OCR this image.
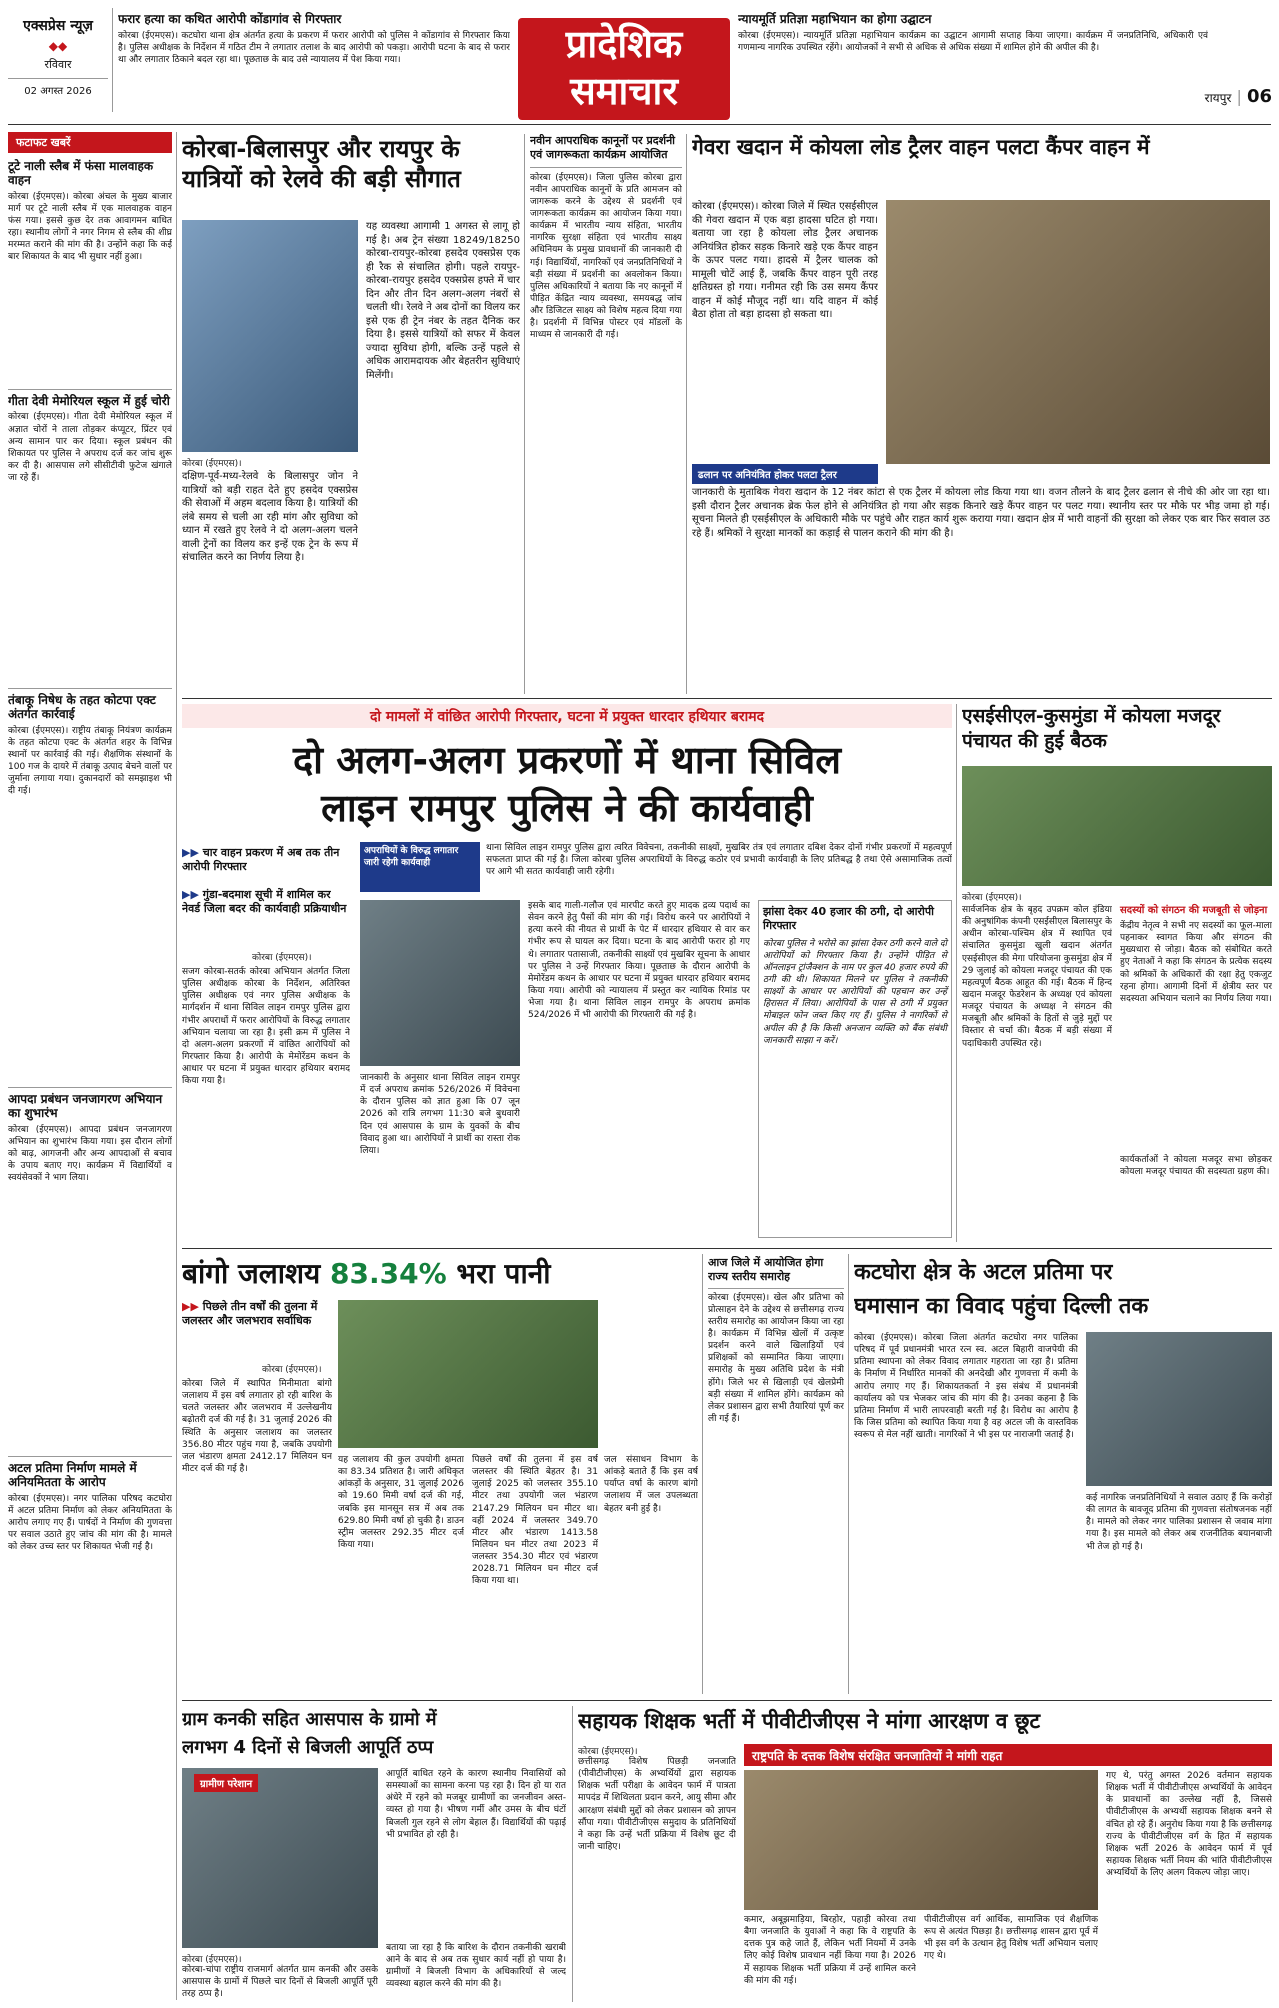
एक्सप्रेस न्यूज़
◆◆
रविवार
02 अगस्त 2026
फरार हत्या का कथित आरोपी कोंडागांव से गिरफ्तार
कोरबा (ईएमएस)। कटघोरा थाना क्षेत्र अंतर्गत हत्या के प्रकरण में फरार आरोपी को पुलिस ने कोंडागांव से गिरफ्तार किया है। पुलिस अधीक्षक के निर्देशन में गठित टीम ने लगातार तलाश के बाद आरोपी को पकड़ा। आरोपी घटना के बाद से फरार था और लगातार ठिकाने बदल रहा था। पूछताछ के बाद उसे न्यायालय में पेश किया गया।	प्रादेशिक
समाचार
न्यायमूर्ति प्रतिज्ञा महाभियान का होगा उद्घाटन
कोरबा (ईएमएस)। न्यायमूर्ति प्रतिज्ञा महाभियान कार्यक्रम का उद्घाटन आगामी सप्ताह किया जाएगा। कार्यक्रम में जनप्रतिनिधि, अधिकारी एवं गणमान्य नागरिक उपस्थित रहेंगे। आयोजकों ने सभी से अधिक से अधिक संख्या में शामिल होने की अपील की है।
रायपुर | 06
फटाफट खबरें
टूटे नाली स्लैब में फंसा मालवाहक वाहन
कोरबा (ईएमएस)। कोरबा अंचल के मुख्य बाजार मार्ग पर टूटे नाली स्लैब में एक मालवाहक वाहन फंस गया। इससे कुछ देर तक आवागमन बाधित रहा। स्थानीय लोगों ने नगर निगम से स्लैब की शीघ्र मरम्मत कराने की मांग की है। उन्होंने कहा कि कई बार शिकायत के बाद भी सुधार नहीं हुआ।
गीता देवी मेमोरियल स्कूल में हुई चोरी
कोरबा (ईएमएस)। गीता देवी मेमोरियल स्कूल में अज्ञात चोरों ने ताला तोड़कर कंप्यूटर, प्रिंटर एवं अन्य सामान पार कर दिया। स्कूल प्रबंधन की शिकायत पर पुलिस ने अपराध दर्ज कर जांच शुरू कर दी है। आसपास लगे सीसीटीवी फुटेज खंगाले जा रहे हैं।
तंबाकू निषेध के तहत कोटपा एक्ट अंतर्गत कार्रवाई
कोरबा (ईएमएस)। राष्ट्रीय तंबाकू नियंत्रण कार्यक्रम के तहत कोटपा एक्ट के अंतर्गत शहर के विभिन्न स्थानों पर कार्रवाई की गई। शैक्षणिक संस्थानों के 100 गज के दायरे में तंबाकू उत्पाद बेचने वालों पर जुर्माना लगाया गया। दुकानदारों को समझाइश भी दी गई।
आपदा प्रबंधन जनजागरण अभियान का शुभारंभ
कोरबा (ईएमएस)। आपदा प्रबंधन जनजागरण अभियान का शुभारंभ किया गया। इस दौरान लोगों को बाढ़, आगजनी और अन्य आपदाओं से बचाव के उपाय बताए गए। कार्यक्रम में विद्यार्थियों व स्वयंसेवकों ने भाग लिया।
अटल प्रतिमा निर्माण मामले में अनियमितता के आरोप
कोरबा (ईएमएस)। नगर पालिका परिषद कटघोरा में अटल प्रतिमा निर्माण को लेकर अनियमितता के आरोप लगाए गए हैं। पार्षदों ने निर्माण की गुणवत्ता पर सवाल उठाते हुए जांच की मांग की है। मामले को लेकर उच्च स्तर पर शिकायत भेजी गई है।
कोरबा-बिलासपुर और रायपुर के यात्रियों को रेलवे की बड़ी सौगात
कोरबा (ईएमएस)।
दक्षिण-पूर्व-मध्य-रेलवे के बिलासपुर जोन ने यात्रियों को बड़ी राहत देते हुए हसदेव एक्सप्रेस की सेवाओं में अहम बदलाव किया है। यात्रियों की लंबे समय से चली आ रही मांग और सुविधा को ध्यान में रखते हुए रेलवे ने दो अलग-अलग चलने वाली ट्रेनों का विलय कर इन्हें एक ट्रेन के रूप में संचालित करने का निर्णय लिया है।
यह व्यवस्था आगामी 1 अगस्त से लागू हो गई है। अब ट्रेन संख्या 18249/18250 कोरबा-रायपुर-कोरबा हसदेव एक्सप्रेस एक ही रैक से संचालित होगी। पहले रायपुर-कोरबा-रायपुर हसदेव एक्सप्रेस हफ्ते में चार दिन और तीन दिन अलग-अलग नंबरों से चलती थी। रेलवे ने अब दोनों का विलय कर इसे एक ही ट्रेन नंबर के तहत दैनिक कर दिया है। इससे यात्रियों को सफर में केवल ज्यादा सुविधा होगी, बल्कि उन्हें पहले से अधिक आरामदायक और बेहतरीन सुविधाएं मिलेंगी।
नवीन आपराधिक कानूनों पर प्रदर्शनी एवं जागरूकता कार्यक्रम आयोजित
कोरबा (ईएमएस)। जिला पुलिस कोरबा द्वारा नवीन आपराधिक कानूनों के प्रति आमजन को जागरूक करने के उद्देश्य से प्रदर्शनी एवं जागरूकता कार्यक्रम का आयोजन किया गया। कार्यक्रम में भारतीय न्याय संहिता, भारतीय नागरिक सुरक्षा संहिता एवं भारतीय साक्ष्य अधिनियम के प्रमुख प्रावधानों की जानकारी दी गई। विद्यार्थियों, नागरिकों एवं जनप्रतिनिधियों ने बड़ी संख्या में प्रदर्शनी का अवलोकन किया। पुलिस अधिकारियों ने बताया कि नए कानूनों में पीड़ित केंद्रित न्याय व्यवस्था, समयबद्ध जांच और डिजिटल साक्ष्य को विशेष महत्व दिया गया है। प्रदर्शनी में विभिन्न पोस्टर एवं मॉडलों के माध्यम से जानकारी दी गई।
गेवरा खदान में कोयला लोड ट्रैलर वाहन पलटा कैंपर वाहन में
कोरबा (ईएमएस)। कोरबा जिले में स्थित एसईसीएल की गेवरा खदान में एक बड़ा हादसा घटित हो गया। बताया जा रहा है कोयला लोड ट्रैलर अचानक अनियंत्रित होकर सड़क किनारे खड़े एक कैंपर वाहन के ऊपर पलट गया। हादसे में ट्रैलर चालक को मामूली चोटें आई हैं, जबकि कैंपर वाहन पूरी तरह क्षतिग्रस्त हो गया। गनीमत रही कि उस समय कैंपर वाहन में कोई मौजूद नहीं था। यदि वाहन में कोई बैठा होता तो बड़ा हादसा हो सकता था।
ढलान पर अनियंत्रित होकर पलटा ट्रैलर
जानकारी के मुताबिक गेवरा खदान के 12 नंबर कांटा से एक ट्रैलर में कोयला लोड किया गया था। वजन तौलने के बाद ट्रैलर ढलान से नीचे की ओर जा रहा था। इसी दौरान ट्रैलर अचानक ब्रेक फेल होने से अनियंत्रित हो गया और सड़क किनारे खड़े कैंपर वाहन पर पलट गया। स्थानीय स्तर पर मौके पर भीड़ जमा हो गई। सूचना मिलते ही एसईसीएल के अधिकारी मौके पर पहुंचे और राहत कार्य शुरू कराया गया। खदान क्षेत्र में भारी वाहनों की सुरक्षा को लेकर एक बार फिर सवाल उठ रहे हैं। श्रमिकों ने सुरक्षा मानकों का कड़ाई से पालन कराने की मांग की है।
दो मामलों में वांछित आरोपी गिरफ्तार, घटना में प्रयुक्त धारदार हथियार बरामद
दो अलग-अलग प्रकरणों में थाना सिविल
लाइन रामपुर पुलिस ने की कार्यवाही
▶▶ चार वाहन प्रकरण में अब तक तीन आरोपी गिरफ्तार
▶▶ गुंडा-बदमाश सूची में शामिल कर नेवर्ड जिला बदर की कार्यवाही प्रक्रियाधीन
अपराधियों के विरुद्ध लगातार जारी रहेगी कार्यवाही
थाना सिविल लाइन रामपुर पुलिस द्वारा त्वरित विवेचना, तकनीकी साक्ष्यों, मुखबिर तंत्र एवं लगातार दबिश देकर दोनों गंभीर प्रकरणों में महत्वपूर्ण सफलता प्राप्त की गई है। जिला कोरबा पुलिस अपराधियों के विरुद्ध कठोर एवं प्रभावी कार्यवाही के लिए प्रतिबद्ध है तथा ऐसे असामाजिक तत्वों पर आगे भी सतत कार्यवाही जारी रहेगी।
कोरबा (ईएमएस)।
सजग कोरबा-सतर्क कोरबा अभियान अंतर्गत जिला पुलिस अधीक्षक कोरबा के निर्देशन, अतिरिक्त पुलिस अधीक्षक एवं नगर पुलिस अधीक्षक के मार्गदर्शन में थाना सिविल लाइन रामपुर पुलिस द्वारा गंभीर अपराधों में फरार आरोपियों के विरुद्ध लगातार अभियान चलाया जा रहा है। इसी क्रम में पुलिस ने दो अलग-अलग प्रकरणों में वांछित आरोपियों को गिरफ्तार किया है। आरोपी के मेमोरेंडम कथन के आधार पर घटना में प्रयुक्त धारदार हथियार बरामद किया गया है।	जानकारी के अनुसार थाना सिविल लाइन रामपुर में दर्ज अपराध क्रमांक 526/2026 में विवेचना के दौरान पुलिस को ज्ञात हुआ कि 07 जून 2026 को रात्रि लगभग 11:30 बजे बुधवारी दिन एवं आसपास के ग्राम के युवकों के बीच विवाद हुआ था। आरोपियों ने प्रार्थी का रास्ता रोक लिया।
इसके बाद गाली-गलौज एवं मारपीट करते हुए मादक द्रव्य पदार्थ का सेवन करने हेतु पैसों की मांग की गई। विरोध करने पर आरोपियों ने हत्या करने की नीयत से प्रार्थी के पेट में धारदार हथियार से वार कर गंभीर रूप से घायल कर दिया। घटना के बाद आरोपी फरार हो गए थे। लगातार पतासाजी, तकनीकी साक्ष्यों एवं मुखबिर सूचना के आधार पर पुलिस ने उन्हें गिरफ्तार किया। पूछताछ के दौरान आरोपी के मेमोरेंडम कथन के आधार पर घटना में प्रयुक्त धारदार हथियार बरामद किया गया। आरोपी को न्यायालय में प्रस्तुत कर न्यायिक रिमांड पर भेजा गया है। थाना सिविल लाइन रामपुर के अपराध क्रमांक 524/2026 में भी आरोपी की गिरफ्तारी की गई है।
झांसा देकर 40 हजार की ठगी, दो आरोपी गिरफ्तार
कोरबा पुलिस ने भरोसे का झांसा देकर ठगी करने वाले दो आरोपियों को गिरफ्तार किया है। उन्होंने पीड़ित से ऑनलाइन ट्रांजैक्शन के नाम पर कुल 40 हजार रुपये की ठगी की थी। शिकायत मिलने पर पुलिस ने तकनीकी साक्ष्यों के आधार पर आरोपियों की पहचान कर उन्हें हिरासत में लिया। आरोपियों के पास से ठगी में प्रयुक्त मोबाइल फोन जब्त किए गए हैं। पुलिस ने नागरिकों से अपील की है कि किसी अनजान व्यक्ति को बैंक संबंधी जानकारी साझा न करें।
एसईसीएल-कुसमुंडा में कोयला मजदूर पंचायत की हुई बैठक
कोरबा (ईएमएस)।
सार्वजनिक क्षेत्र के बृहद उपक्रम कोल इंडिया की अनुषांगिक कंपनी एसईसीएल बिलासपुर के अधीन कोरबा-पश्चिम क्षेत्र में स्थापित एवं संचालित कुसमुंडा खुली खदान अंतर्गत एसईसीएल की मेगा परियोजना कुसमुंडा क्षेत्र में 29 जुलाई को कोयला मजदूर पंचायत की एक महत्वपूर्ण बैठक आहूत की गई। बैठक में हिन्द खदान मजदूर फेडरेशन के अध्यक्ष एवं कोयला मजदूर पंचायत के अध्यक्ष ने संगठन की मजबूती और श्रमिकों के हितों से जुड़े मुद्दों पर विस्तार से चर्चा की। बैठक में बड़ी संख्या में पदाधिकारी उपस्थित रहे।
सदस्यों को संगठन की मजबूती से जोड़ना
केंद्रीय नेतृत्व ने सभी नए सदस्यों का फूल-माला पहनाकर स्वागत किया और संगठन की मुख्यधारा से जोड़ा। बैठक को संबोधित करते हुए नेताओं ने कहा कि संगठन के प्रत्येक सदस्य को श्रमिकों के अधिकारों की रक्षा हेतु एकजुट रहना होगा। आगामी दिनों में क्षेत्रीय स्तर पर सदस्यता अभियान चलाने का निर्णय लिया गया।
कार्यकर्ताओं ने कोयला मजदूर सभा छोड़कर कोयला मजदूर पंचायत की सदस्यता ग्रहण की।
बांगो जलाशय 83.34% भरा पानी
▶▶ पिछले तीन वर्षों की तुलना में जलस्तर और जलभराव सर्वाधिक
कोरबा (ईएमएस)।
कोरबा जिले में स्थापित मिनीमाता बांगो जलाशय में इस वर्ष लगातार हो रही बारिश के चलते जलस्तर और जलभराव में उल्लेखनीय बढ़ोतरी दर्ज की गई है। 31 जुलाई 2026 की स्थिति के अनुसार जलाशय का जलस्तर 356.80 मीटर पहुंच गया है, जबकि उपयोगी जल भंडारण क्षमता 2412.17 मिलियन घन मीटर दर्ज की गई है।
यह जलाशय की कुल उपयोगी क्षमता का 83.34 प्रतिशत है। जारी अधिकृत आंकड़ों के अनुसार, 31 जुलाई 2026 को 19.60 मिमी वर्षा दर्ज की गई, जबकि इस मानसून सत्र में अब तक 629.80 मिमी वर्षा हो चुकी है। डाउन स्ट्रीम जलस्तर 292.35 मीटर दर्ज किया गया।
पिछले वर्षों की तुलना में इस वर्ष जलस्तर की स्थिति बेहतर है। 31 जुलाई 2025 को जलस्तर 355.10 मीटर तथा उपयोगी जल भंडारण 2147.29 मिलियन घन मीटर था। वहीं 2024 में जलस्तर 349.70 मीटर और भंडारण 1413.58 मिलियन घन मीटर तथा 2023 में जलस्तर 354.30 मीटर एवं भंडारण 2028.71 मिलियन घन मीटर दर्ज किया गया था।
जल संसाधन विभाग के आंकड़े बताते हैं कि इस वर्ष पर्याप्त वर्षा के कारण बांगो जलाशय में जल उपलब्धता बेहतर बनी हुई है।
आज जिले में आयोजित होगा राज्य स्तरीय समारोह
कोरबा (ईएमएस)। खेल और प्रतिभा को प्रोत्साहन देने के उद्देश्य से छत्तीसगढ़ राज्य स्तरीय समारोह का आयोजन किया जा रहा है। कार्यक्रम में विभिन्न खेलों में उत्कृष्ट प्रदर्शन करने वाले खिलाड़ियों एवं प्रशिक्षकों को सम्मानित किया जाएगा। समारोह के मुख्य अतिथि प्रदेश के मंत्री होंगे। जिले भर से खिलाड़ी एवं खेलप्रेमी बड़ी संख्या में शामिल होंगे। कार्यक्रम को लेकर प्रशासन द्वारा सभी तैयारियां पूर्ण कर ली गई हैं।
कटघोरा क्षेत्र के अटल प्रतिमा पर
घमासान का विवाद पहुंचा दिल्ली तक
कोरबा (ईएमएस)। कोरबा जिला अंतर्गत कटघोरा नगर पालिका परिषद में पूर्व प्रधानमंत्री भारत रत्न स्व. अटल बिहारी वाजपेयी की प्रतिमा स्थापना को लेकर विवाद लगातार गहराता जा रहा है। प्रतिमा के निर्माण में निर्धारित मानकों की अनदेखी और गुणवत्ता में कमी के आरोप लगाए गए हैं। शिकायतकर्ता ने इस संबंध में प्रधानमंत्री कार्यालय को पत्र भेजकर जांच की मांग की है। उनका कहना है कि प्रतिमा निर्माण में भारी लापरवाही बरती गई है। विरोध का आरोप है कि जिस प्रतिमा को स्थापित किया गया है वह अटल जी के वास्तविक स्वरूप से मेल नहीं खाती। नागरिकों ने भी इस पर नाराजगी जताई है।
कई नागरिक जनप्रतिनिधियों ने सवाल उठाए हैं कि करोड़ों की लागत के बावजूद प्रतिमा की गुणवत्ता संतोषजनक नहीं है। मामले को लेकर नगर पालिका प्रशासन से जवाब मांगा गया है। इस मामले को लेकर अब राजनीतिक बयानबाजी भी तेज हो गई है।
ग्राम कनकी सहित आसपास के ग्रामो में
लगभग 4 दिनों से बिजली आपूर्ति ठप्प
ग्रामीण परेशान
कोरबा (ईएमएस)।
कोरबा-चांपा राष्ट्रीय राजमार्ग अंतर्गत ग्राम कनकी और उसके आसपास के ग्रामों में पिछले चार दिनों से बिजली आपूर्ति पूरी तरह ठप्प है।
आपूर्ति बाधित रहने के कारण स्थानीय निवासियों को समस्याओं का सामना करना पड़ रहा है। दिन हो या रात अंधेरे में रहने को मजबूर ग्रामीणों का जनजीवन अस्त-व्यस्त हो गया है। भीषण गर्मी और उमस के बीच घंटों बिजली गुल रहने से लोग बेहाल हैं। विद्यार्थियों की पढ़ाई भी प्रभावित हो रही है।
बताया जा रहा है कि बारिश के दौरान तकनीकी खराबी आने के बाद से अब तक सुधार कार्य नहीं हो पाया है। ग्रामीणों ने बिजली विभाग के अधिकारियों से जल्द व्यवस्था बहाल करने की मांग की है।
सहायक शिक्षक भर्ती में पीवीटीजीएस ने मांगा आरक्षण व छूट
कोरबा (ईएमएस)।
छत्तीसगढ़ विशेष पिछड़ी जनजाति (पीवीटीजीएस) के अभ्यर्थियों द्वारा सहायक शिक्षक भर्ती परीक्षा के आवेदन फार्म में पात्रता मापदंड में शिथिलता प्रदान करने, आयु सीमा और आरक्षण संबंधी मुद्दों को लेकर प्रशासन को ज्ञापन सौंपा गया। पीवीटीजीएस समुदाय के प्रतिनिधियों ने कहा कि उन्हें भर्ती प्रक्रिया में विशेष छूट दी जानी चाहिए।
राष्ट्रपति के दत्तक विशेष संरक्षित जनजातियों ने मांगी राहत
कमार, अबूझमाड़िया, बिरहोर, पहाड़ी कोरवा तथा बैगा जनजाति के युवाओं ने कहा कि वे राष्ट्रपति के दत्तक पुत्र कहे जाते हैं, लेकिन भर्ती नियमों में उनके लिए कोई विशेष प्रावधान नहीं किया गया है। 2026 में सहायक शिक्षक भर्ती प्रक्रिया में उन्हें शामिल करने की मांग की गई।
पीवीटीजीएस वर्ग आर्थिक, सामाजिक एवं शैक्षणिक रूप से अत्यंत पिछड़ा है। छत्तीसगढ़ शासन द्वारा पूर्व में भी इस वर्ग के उत्थान हेतु विशेष भर्ती अभियान चलाए गए थे।
गए थे, परंतु अगस्त 2026 वर्तमान सहायक शिक्षक भर्ती में पीवीटीजीएस अभ्यर्थियों के आवेदन के प्रावधानों का उल्लेख नहीं है, जिससे पीवीटीजीएस के अभ्यर्थी सहायक शिक्षक बनने से वंचित हो रहे हैं। अनुरोध किया गया है कि छत्तीसगढ़ राज्य के पीवीटीजीएस वर्ग के हित में सहायक शिक्षक भर्ती 2026 के आवेदन फार्म में पूर्व सहायक शिक्षक भर्ती नियम की भांति पीवीटीजीएस अभ्यर्थियों के लिए अलग विकल्प जोड़ा जाए।
